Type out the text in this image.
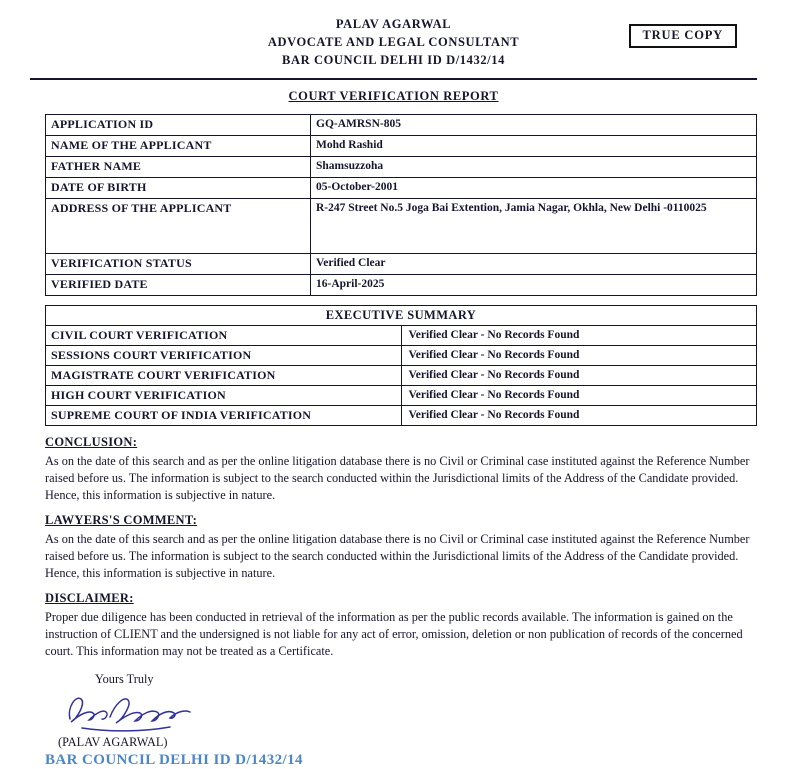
TRUE COPY
PALAV AGARWAL
ADVOCATE AND LEGAL CONSULTANT
BAR COUNCIL DELHI ID D/1432/14
COURT VERIFICATION REPORT
APPLICATION ID	GQ-AMRSN-805
NAME OF THE APPLICANT	Mohd Rashid
FATHER NAME	Shamsuzzoha
DATE OF BIRTH	05-October-2001
ADDRESS OF THE APPLICANT	R-247 Street No.5 Joga Bai Extention, Jamia Nagar, Okhla, New Delhi -0110025
VERIFICATION STATUS	Verified Clear
VERIFIED DATE	16-April-2025
EXECUTIVE SUMMARY	
CIVIL COURT VERIFICATION	Verified Clear - No Records Found
SESSIONS COURT VERIFICATION	Verified Clear - No Records Found
MAGISTRATE COURT VERIFICATION	Verified Clear - No Records Found
HIGH COURT VERIFICATION	Verified Clear - No Records Found
SUPREME COURT OF INDIA VERIFICATION	Verified Clear - No Records Found
CONCLUSION:
As on the date of this search and as per the online litigation database there is no Civil or Criminal case instituted against the Reference Number raised before us. The information is subject to the search conducted within the Jurisdictional limits of the Address of the Candidate provided. Hence, this information is subjective in nature.
LAWYERS'S COMMENT:
As on the date of this search and as per the online litigation database there is no Civil or Criminal case instituted against the Reference Number raised before us. The information is subject to the search conducted within the Jurisdictional limits of the Address of the Candidate provided. Hence, this information is subjective in nature.
DISCLAIMER:
Proper due diligence has been conducted in retrieval of the information as per the public records available. The information is gained on the instruction of CLIENT and the undersigned is not liable for any act of error, omission, deletion or non publication of records of the concerned court. This information may not be treated as a Certificate.
Yours Truly
(PALAV AGARWAL)
BAR COUNCIL DELHI ID D/1432/14
